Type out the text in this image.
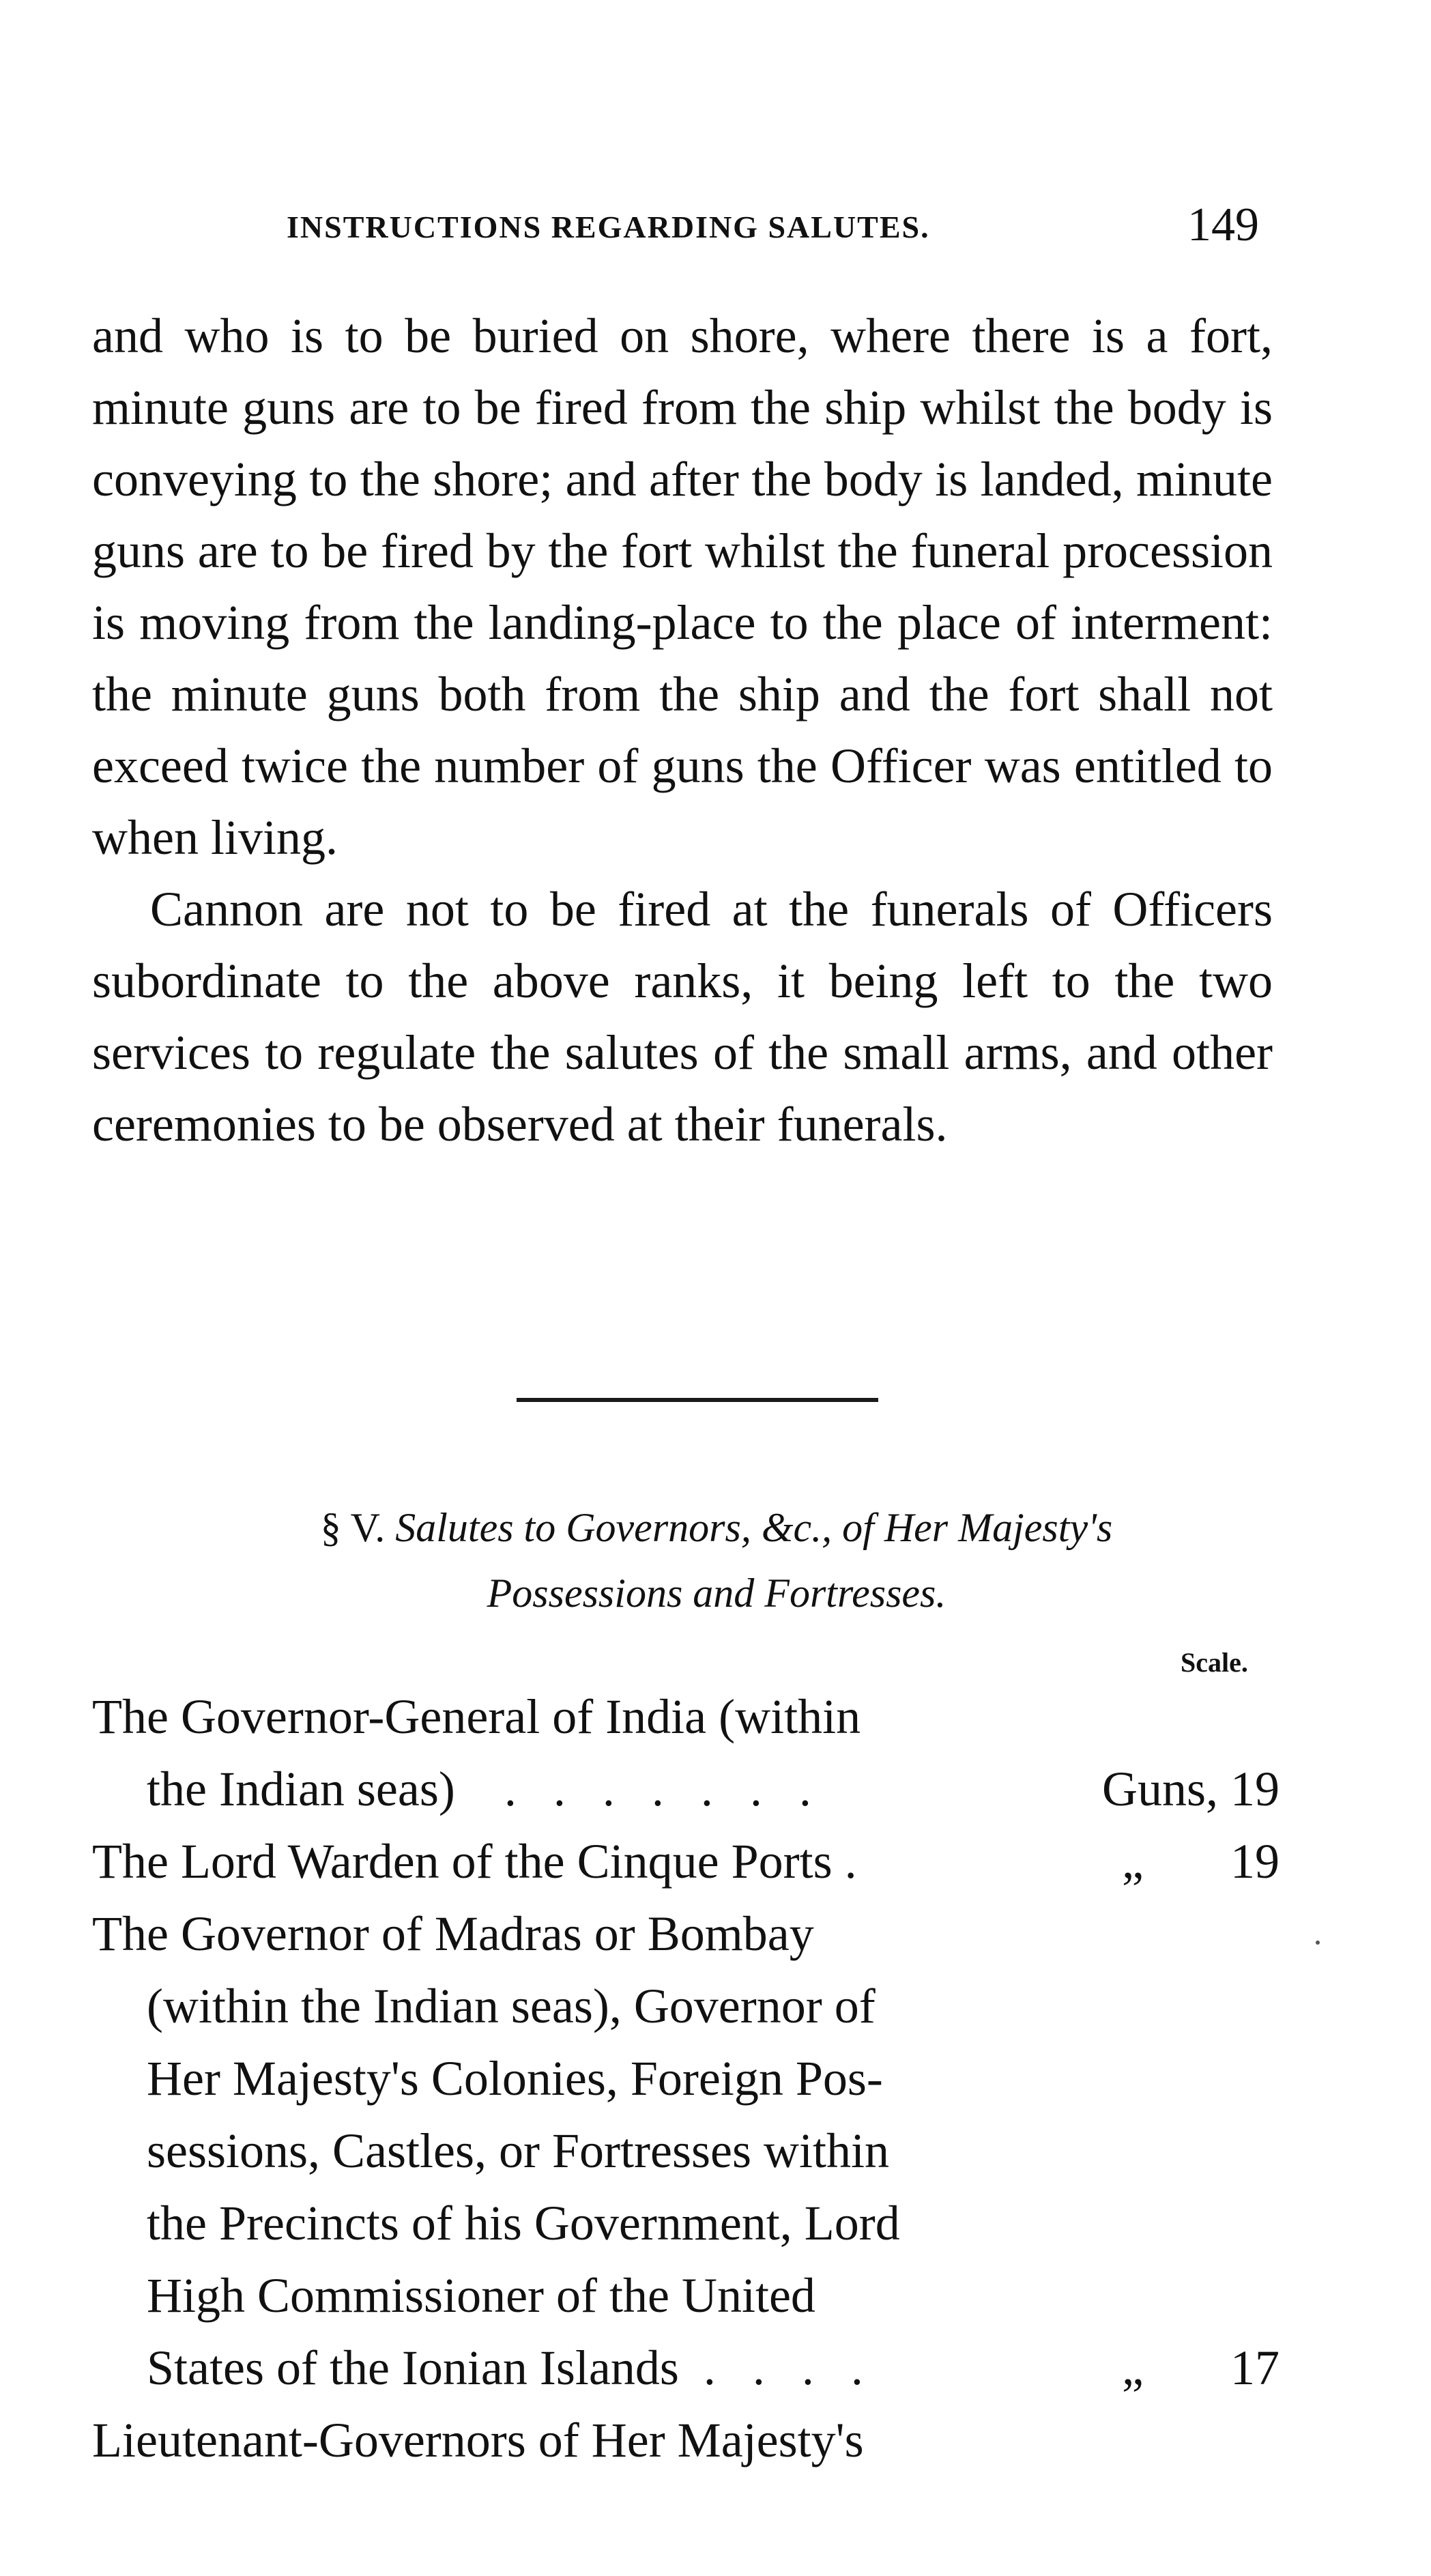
INSTRUCTIONS REGARDING SALUTES.	149

and who is to be buried on shore, where there is a fort, minute guns are to be fired from the ship whilst the body is conveying to the shore; and after the body is landed, minute guns are to be fired by the fort whilst the funeral procession is moving from the landing-place to the place of interment: the minute guns both from the ship and the fort shall not exceed twice the number of guns the Officer was entitled to when living.

Cannon are not to be fired at the funerals of Officers subordinate to the above ranks, it being left to the two services to regulate the salutes of the small arms, and other ceremonies to be observed at their funerals.

§ V. Salutes to Governors, &c., of Her Majesty's
Possessions and Fortresses.
Scale.
The Governor-General of India (within
the Indian seas) . . . . . . .	Guns, 19
The Lord Warden of the Cinque Ports .	„ 19
The Governor of Madras or Bombay
(within the Indian seas), Governor of
Her Majesty's Colonies, Foreign Pos-
sessions, Castles, or Fortresses within
the Precincts of his Government, Lord
High Commissioner of the United
States of the Ionian Islands . . . .	„ 17
Lieutenant-Governors of Her Majesty's
